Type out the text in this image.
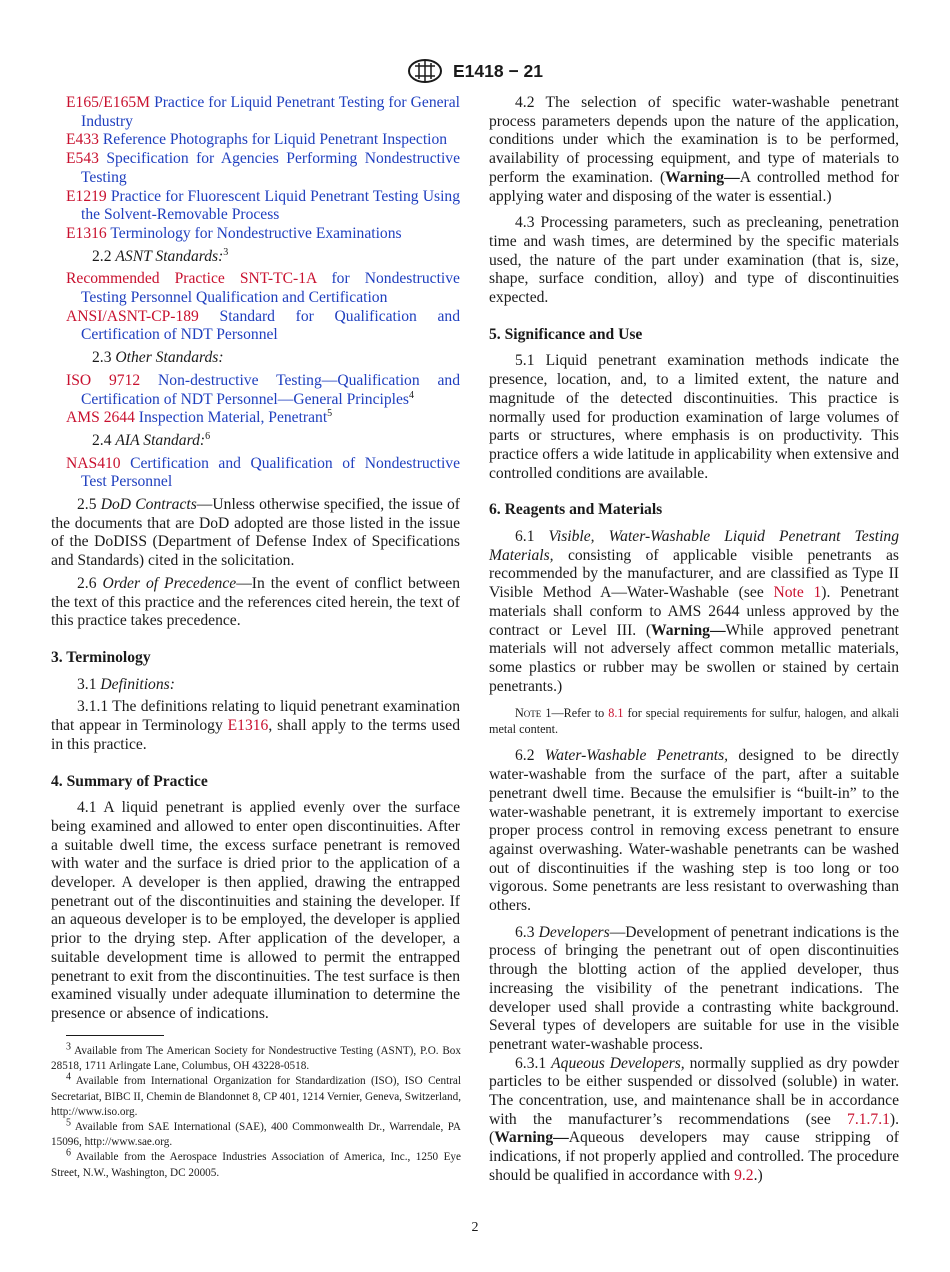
E1418 − 21

E165/E165M Practice for Liquid Penetrant Testing for General Industry

E433 Reference Photographs for Liquid Penetrant Inspection

E543 Specification for Agencies Performing Nondestructive Testing

E1219 Practice for Fluorescent Liquid Penetrant Testing Using the Solvent-Removable Process

E1316 Terminology for Nondestructive Examinations

2.2 ASNT Standards:$^3$

Recommended Practice SNT-TC-1A for Nondestructive Testing Personnel Qualification and Certification

ANSI/ASNT-CP-189 Standard for Qualification and Certification of NDT Personnel

2.3 Other Standards:

ISO 9712 Non-destructive Testing—Qualification and Certification of NDT Personnel—General Principles$^4$

AMS 2644 Inspection Material, Penetrant$^5$

2.4 AIA Standard:$^6$

NAS410 Certification and Qualification of Nondestructive Test Personnel

2.5 DoD Contracts—Unless otherwise specified, the issue of the documents that are DoD adopted are those listed in the issue of the DoDISS (Department of Defense Index of Specifications and Standards) cited in the solicitation.

2.6 Order of Precedence—In the event of conflict between the text of this practice and the references cited herein, the text of this practice takes precedence.

3. Terminology

3.1 Definitions:

3.1.1 The definitions relating to liquid penetrant examination that appear in Terminology E1316, shall apply to the terms used in this practice.

4. Summary of Practice

4.1 A liquid penetrant is applied evenly over the surface being examined and allowed to enter open discontinuities. After a suitable dwell time, the excess surface penetrant is removed with water and the surface is dried prior to the application of a developer. A developer is then applied, drawing the entrapped penetrant out of the discontinuities and staining the developer. If an aqueous developer is to be employed, the developer is applied prior to the drying step. After application of the developer, a suitable development time is allowed to permit the entrapped penetrant to exit from the discontinuities. The test surface is then examined visually under adequate illumination to determine the presence or absence of indications.

$^3$ Available from The American Society for Nondestructive Testing (ASNT), P.O. Box 28518, 1711 Arlingate Lane, Columbus, OH 43228-0518.

$^4$ Available from International Organization for Standardization (ISO), ISO Central Secretariat, BIBC II, Chemin de Blandonnet 8, CP 401, 1214 Vernier, Geneva, Switzerland, http://www.iso.org.

$^5$ Available from SAE International (SAE), 400 Commonwealth Dr., Warrendale, PA 15096, http://www.sae.org.

$^6$ Available from the Aerospace Industries Association of America, Inc., 1250 Eye Street, N.W., Washington, DC 20005.

4.2 The selection of specific water-washable penetrant process parameters depends upon the nature of the application, conditions under which the examination is to be performed, availability of processing equipment, and type of materials to perform the examination. (Warning—A controlled method for applying water and disposing of the water is essential.)

4.3 Processing parameters, such as precleaning, penetration time and wash times, are determined by the specific materials used, the nature of the part under examination (that is, size, shape, surface condition, alloy) and type of discontinuities expected.

5. Significance and Use

5.1 Liquid penetrant examination methods indicate the presence, location, and, to a limited extent, the nature and magnitude of the detected discontinuities. This practice is normally used for production examination of large volumes of parts or structures, where emphasis is on productivity. This practice offers a wide latitude in applicability when extensive and controlled conditions are available.

6. Reagents and Materials

6.1 Visible, Water-Washable Liquid Penetrant Testing Materials, consisting of applicable visible penetrants as recommended by the manufacturer, and are classified as Type II Visible Method A—Water-Washable (see Note 1). Penetrant materials shall conform to AMS 2644 unless approved by the contract or Level III. (Warning—While approved penetrant materials will not adversely affect common metallic materials, some plastics or rubber may be swollen or stained by certain penetrants.)

Note 1—Refer to 8.1 for special requirements for sulfur, halogen, and alkali metal content.

6.2 Water-Washable Penetrants, designed to be directly water-washable from the surface of the part, after a suitable penetrant dwell time. Because the emulsifier is “built-in” to the water-washable penetrant, it is extremely important to exercise proper process control in removing excess penetrant to ensure against overwashing. Water-washable penetrants can be washed out of discontinuities if the washing step is too long or too vigorous. Some penetrants are less resistant to overwashing than others.

6.3 Developers—Development of penetrant indications is the process of bringing the penetrant out of open discontinuities through the blotting action of the applied developer, thus increasing the visibility of the penetrant indications. The developer used shall provide a contrasting white background. Several types of developers are suitable for use in the visible penetrant water-washable process.

6.3.1 Aqueous Developers, normally supplied as dry powder particles to be either suspended or dissolved (soluble) in water. The concentration, use, and maintenance shall be in accordance with the manufacturer’s recommendations (see 7.1.7.1). (Warning—Aqueous developers may cause stripping of indications, if not properly applied and controlled. The procedure should be qualified in accordance with 9.2.)

2
